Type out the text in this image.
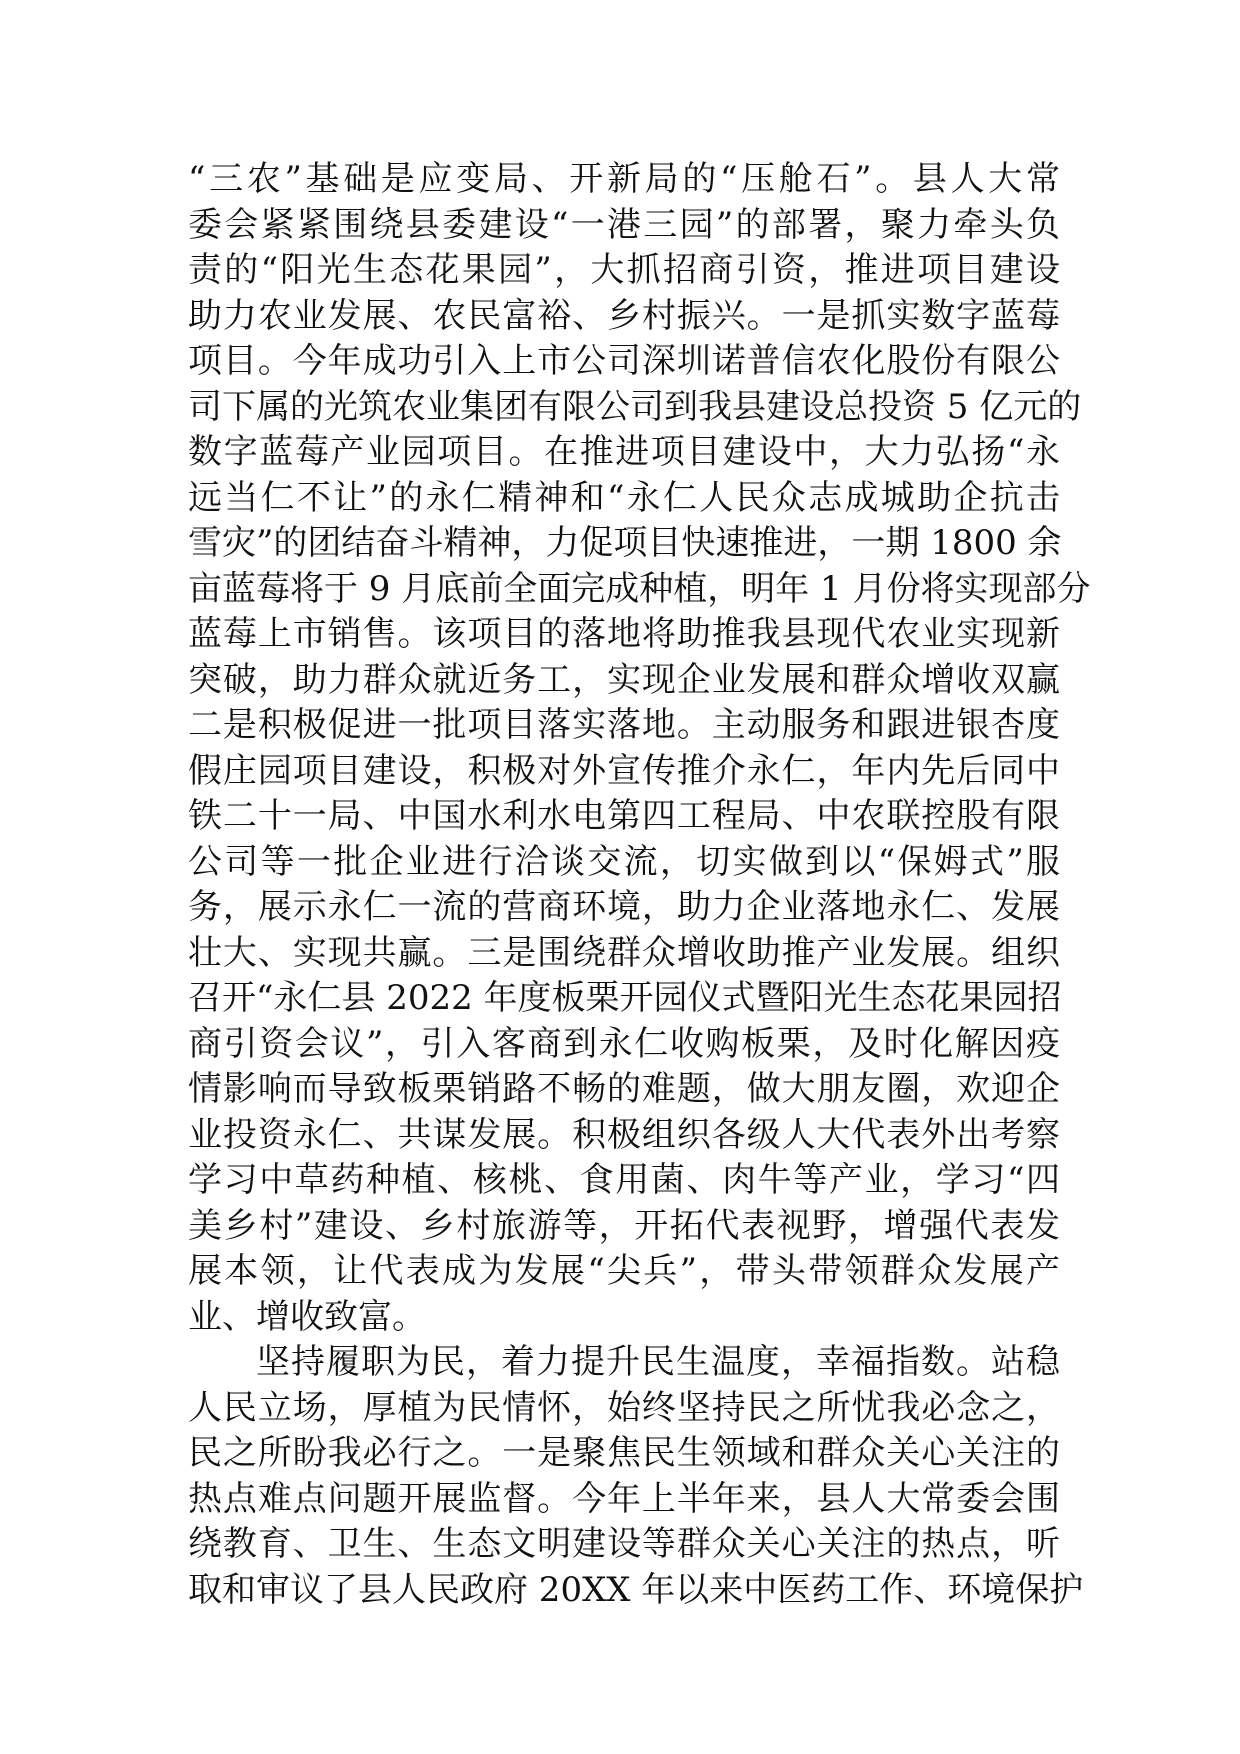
“三农”基础是应变局、开新局的“压舱石”。县人大常
委会紧紧围绕县委建设“一港三园”的部署，聚力牵头负
责的“阳光生态花果园”，大抓招商引资，推进项目建设
助力农业发展、农民富裕、乡村振兴。一是抓实数字蓝莓
项目。今年成功引入上市公司深圳诺普信农化股份有限公
司下属的光筑农业集团有限公司到我县建设总投资 5 亿元的
数字蓝莓产业园项目。在推进项目建设中，大力弘扬“永
远当仁不让”的永仁精神和“永仁人民众志成城助企抗击
雪灾”的团结奋斗精神，力促项目快速推进，一期 1800 余
亩蓝莓将于 9 月底前全面完成种植，明年 1 月份将实现部分
蓝莓上市销售。该项目的落地将助推我县现代农业实现新
突破，助力群众就近务工，实现企业发展和群众增收双赢
二是积极促进一批项目落实落地。主动服务和跟进银杏度
假庄园项目建设，积极对外宣传推介永仁，年内先后同中
铁二十一局、中国水利水电第四工程局、中农联控股有限
公司等一批企业进行洽谈交流，切实做到以“保姆式”服
务，展示永仁一流的营商环境，助力企业落地永仁、发展
壮大、实现共赢。三是围绕群众增收助推产业发展。组织
召开“永仁县 2022 年度板栗开园仪式暨阳光生态花果园招
商引资会议”，引入客商到永仁收购板栗，及时化解因疫
情影响而导致板栗销路不畅的难题，做大朋友圈，欢迎企
业投资永仁、共谋发展。积极组织各级人大代表外出考察
学习中草药种植、核桃、食用菌、肉牛等产业，学习“四
美乡村”建设、乡村旅游等，开拓代表视野，增强代表发
展本领，让代表成为发展“尖兵”，带头带领群众发展产
业、增收致富。
坚持履职为民，着力提升民生温度，幸福指数。站稳
人民立场，厚植为民情怀，始终坚持民之所忧我必念之，
民之所盼我必行之。一是聚焦民生领域和群众关心关注的
热点难点问题开展监督。今年上半年来，县人大常委会围
绕教育、卫生、生态文明建设等群众关心关注的热点，听
取和审议了县人民政府 20XX 年以来中医药工作、环境保护
